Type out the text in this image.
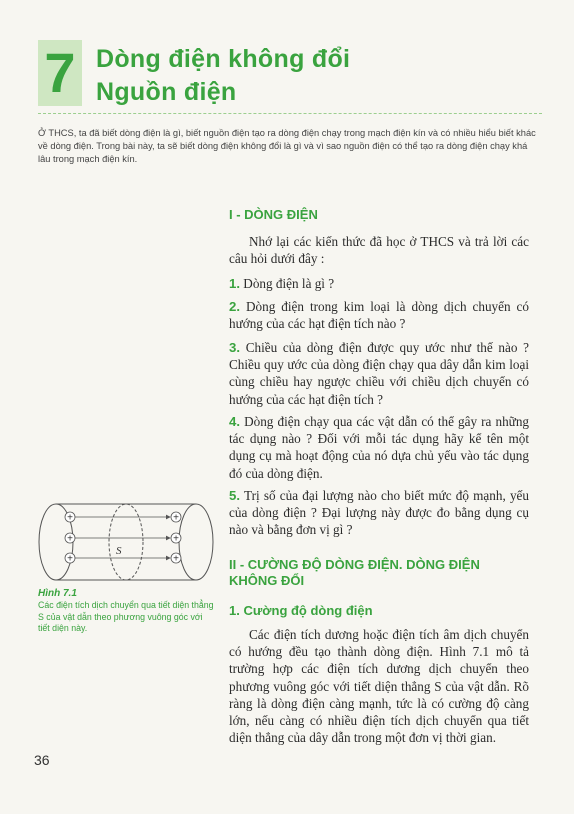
7 Dòng điện không đổi
Nguồn điện
Ở THCS, ta đã biết dòng điện là gì, biết nguồn điện tạo ra dòng điện chạy trong mạch điện kín và có nhiều hiểu biết khác về dòng điện. Trong bài này, ta sẽ biết dòng điện không đổi là gì và vì sao nguồn điện có thể tạo ra dòng điện chạy khá lâu trong mạch điện kín.
I - DÒNG ĐIỆN
Nhớ lại các kiến thức đã học ở THCS và trả lời các câu hỏi dưới đây :
1. Dòng điện là gì ?
2. Dòng điện trong kim loại là dòng dịch chuyển có hướng của các hạt điện tích nào ?
3. Chiều của dòng điện được quy ước như thế nào ? Chiều quy ước của dòng điện chạy qua dây dẫn kim loại cùng chiều hay ngược chiều với chiều dịch chuyển có hướng của các hạt điện tích ?
4. Dòng điện chạy qua các vật dẫn có thể gây ra những tác dụng nào ? Đối với mỗi tác dụng hãy kể tên một dụng cụ mà hoạt động của nó dựa chủ yếu vào tác dụng đó của dòng điện.
5. Trị số của đại lượng nào cho biết mức độ mạnh, yếu của dòng điện ? Đại lượng này được đo bằng dụng cụ nào và bằng đơn vị gì ?
II - CƯỜNG ĐỘ DÒNG ĐIỆN. DÒNG ĐIỆN KHÔNG ĐỔI
1. Cường độ dòng điện
Các điện tích dương hoặc điện tích âm dịch chuyển có hướng đều tạo thành dòng điện. Hình 7.1 mô tả trường hợp các điện tích dương dịch chuyển theo phương vuông góc với tiết diện thẳng S của vật dẫn. Rõ ràng là dòng điện càng mạnh, tức là có cường độ càng lớn, nếu càng có nhiều điện tích dịch chuyển qua tiết diện thẳng của dây dẫn trong một đơn vị thời gian.
S
+
+
+
+
+
+
Hình 7.1
Các điện tích dịch chuyển qua tiết diện thẳng S của vật dẫn theo phương vuông góc với tiết diện này.
36
